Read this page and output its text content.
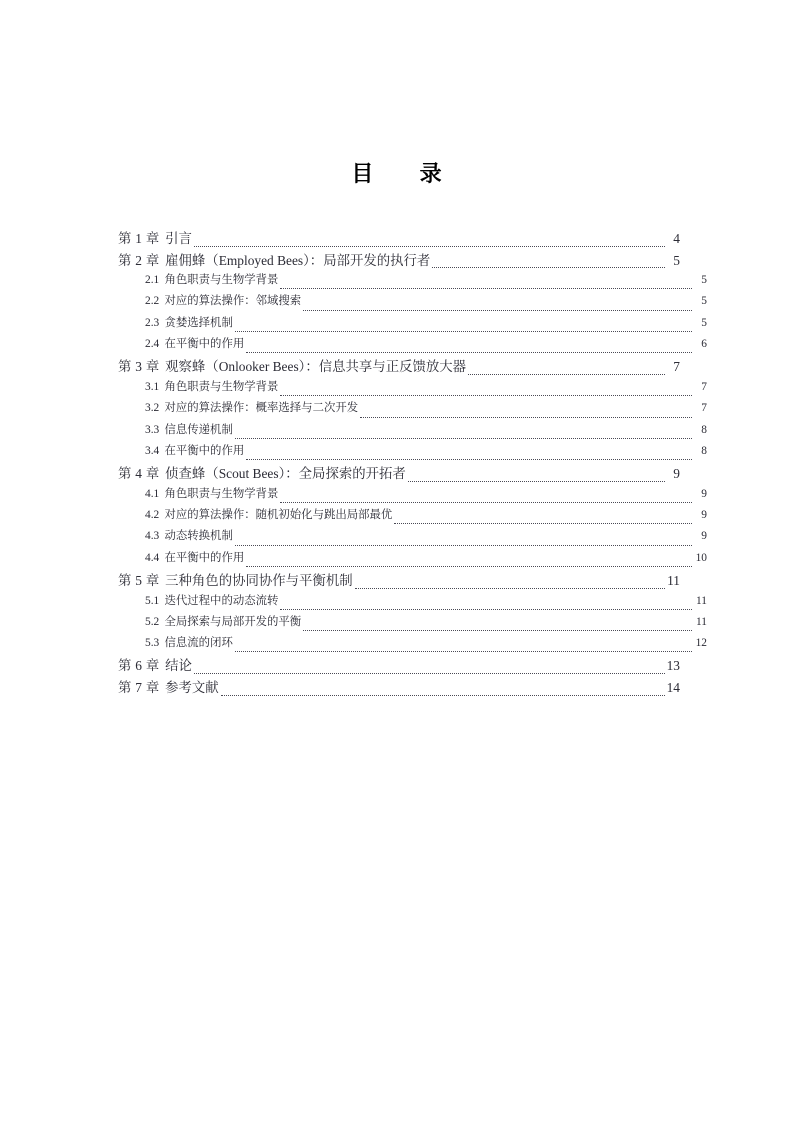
目　录
第 1 章 引言	4
第 2 章 雇佣蜂（Employed Bees）：局部开发的执行者	5
2.1 角色职责与生物学背景	5
2.2 对应的算法操作：邻域搜索	5
2.3 贪婪选择机制	5
2.4 在平衡中的作用	6
第 3 章 观察蜂（Onlooker Bees）：信息共享与正反馈放大器	7
3.1 角色职责与生物学背景	7
3.2 对应的算法操作：概率选择与二次开发	7
3.3 信息传递机制	8
3.4 在平衡中的作用	8
第 4 章 侦查蜂（Scout Bees）：全局探索的开拓者	9
4.1 角色职责与生物学背景	9
4.2 对应的算法操作：随机初始化与跳出局部最优	9
4.3 动态转换机制	9
4.4 在平衡中的作用	10
第 5 章 三种角色的协同协作与平衡机制	11
5.1 迭代过程中的动态流转	11
5.2 全局探索与局部开发的平衡	11
5.3 信息流的闭环	12
第 6 章 结论	13
第 7 章 参考文献	14
